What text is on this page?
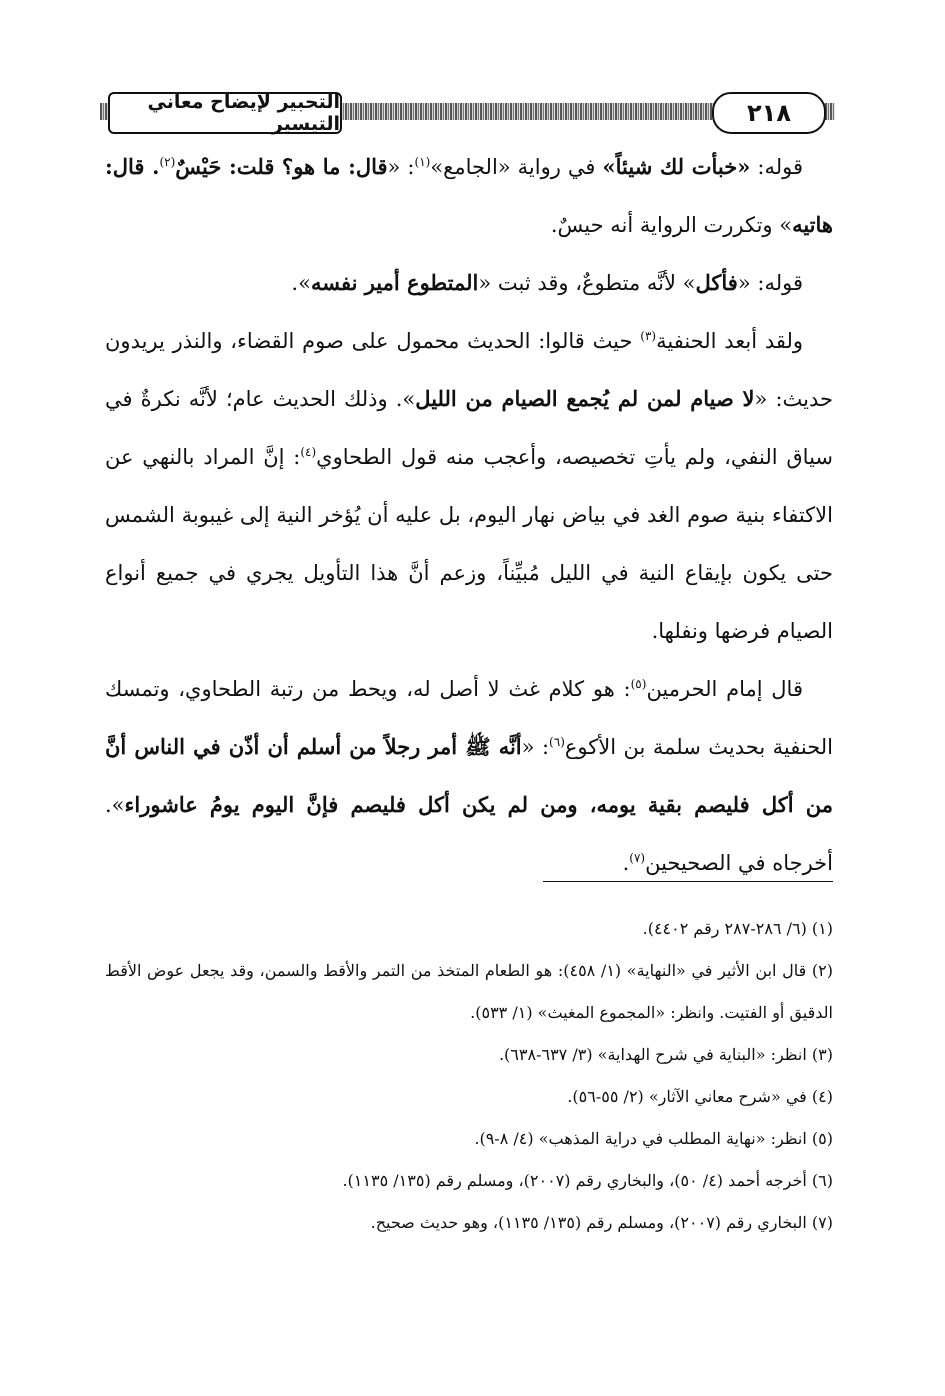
التحبير لإيضاح معاني التيسير	٢١٨

قوله: «خبأت لك شيئاً» في رواية «الجامع»$^{(١)}$: «قال: ما هو؟ قلت: حَيْسٌ$^{(٢)}$. قال: هاتيه» وتكررت الرواية أنه حيسٌ.

قوله: «فأكل» لأنَّه متطوعٌ، وقد ثبت «المتطوع أمير نفسه».

ولقد أبعد الحنفية$^{(٣)}$ حيث قالوا: الحديث محمول على صوم القضاء، والنذر يريدون حديث: «لا صيام لمن لم يُجمع الصيام من الليل». وذلك الحديث عام؛ لأنَّه نكرةٌ في سياق النفي، ولم يأتِ تخصيصه، وأعجب منه قول الطحاوي$^{(٤)}$: إنَّ المراد بالنهي عن الاكتفاء بنية صوم الغد في بياض نهار اليوم، بل عليه أن يُؤخر النية إلى غيبوبة الشمس حتى يكون بإيقاع النية في الليل مُبيِّناً، وزعم أنَّ هذا التأويل يجري في جميع أنواع الصيام فرضها ونفلها.

قال إمام الحرمين$^{(٥)}$: هو كلام غث لا أصل له، ويحط من رتبة الطحاوي، وتمسك الحنفية بحديث سلمة بن الأكوع$^{(٦)}$: «أنَّه ﷺ أمر رجلاً من أسلم أن أذّن في الناس أنَّ من أكل فليصم بقية يومه، ومن لم يكن أكل فليصم فإنَّ اليوم يومُ عاشوراء». أخرجاه في الصحيحين$^{(٧)}$.

(١) (٦/ ٢٨٦-٢٨٧ رقم ٤٤٠٢).

(٢) قال ابن الأثير في «النهاية» (١/ ٤٥٨): هو الطعام المتخذ من التمر والأقط والسمن، وقد يجعل عوض الأقط الدقيق أو الفتيت. وانظر: «المجموع المغيث» (١/ ٥٣٣).

(٣) انظر: «البناية في شرح الهداية» (٣/ ٦٣٧-٦٣٨).

(٤) في «شرح معاني الآثار» (٢/ ٥٥-٥٦).

(٥) انظر: «نهاية المطلب في دراية المذهب» (٤/ ٨-٩).

(٦) أخرجه أحمد (٤/ ٥٠)، والبخاري رقم (٢٠٠٧)، ومسلم رقم (١٣٥/ ١١٣٥).

(٧) البخاري رقم (٢٠٠٧)، ومسلم رقم (١٣٥/ ١١٣٥)، وهو حديث صحيح.
